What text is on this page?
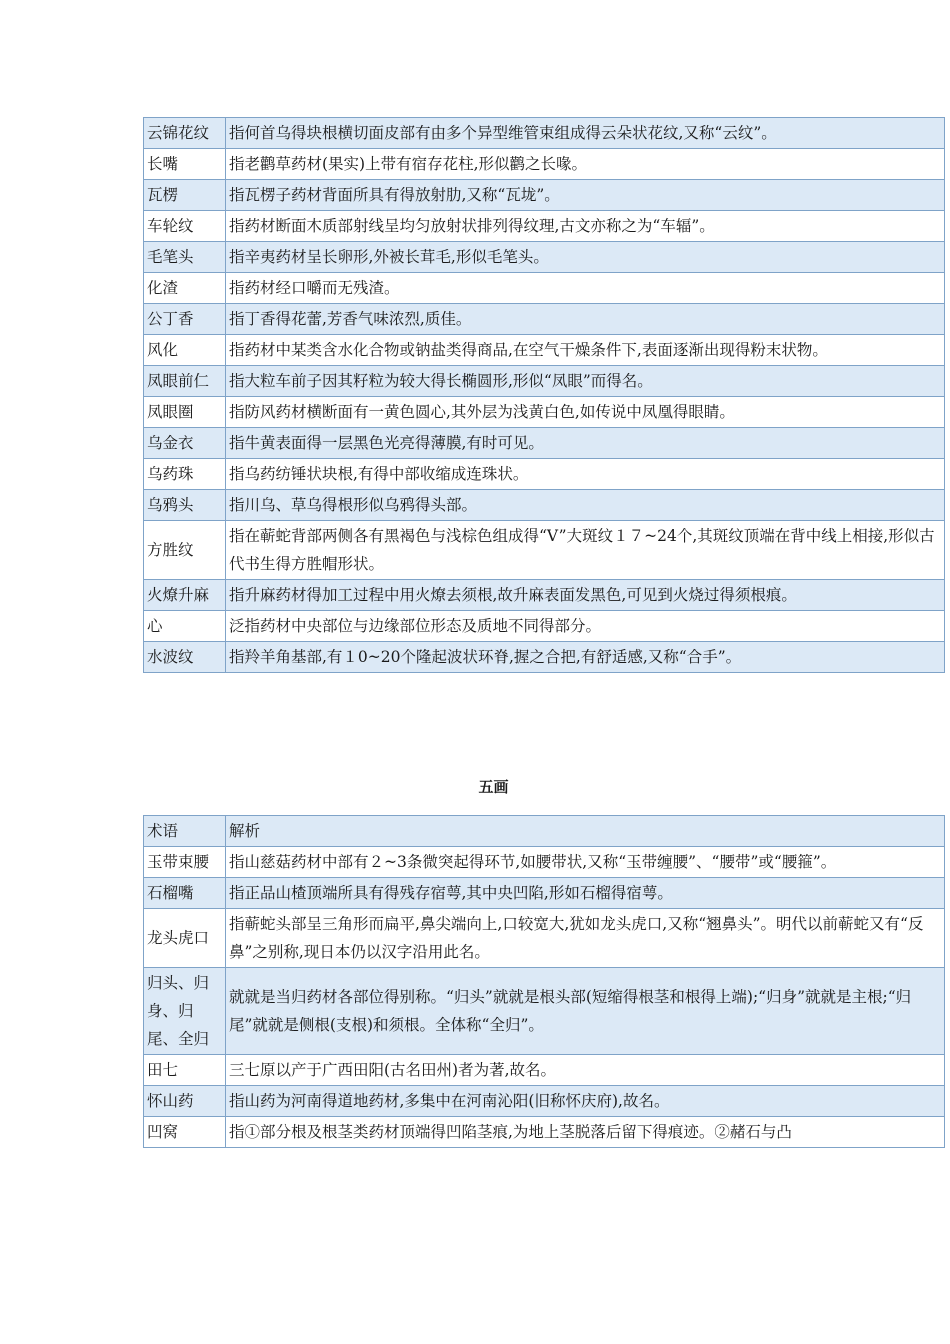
云锦花纹	指何首乌得块根横切面皮部有由多个异型维管束组成得云朵状花纹,又称“云纹”。
长嘴	指老鹳草药材(果实)上带有宿存花柱,形似鹳之长喙。
瓦楞	指瓦楞子药材背面所具有得放射肋,又称“瓦垅”。
车轮纹	指药材断面木质部射线呈均匀放射状排列得纹理,古文亦称之为“车辐”。
毛笔头	指辛夷药材呈长卵形,外被长茸毛,形似毛笔头。
化渣	指药材经口嚼而无残渣。
公丁香	指丁香得花蕾,芳香气味浓烈,质佳。
风化	指药材中某类含水化合物或钠盐类得商品,在空气干燥条件下,表面逐渐出现得粉末状物。
凤眼前仁	指大粒车前子因其籽粒为较大得长椭圆形,形似“凤眼”而得名。
凤眼圈	指防风药材横断面有一黄色圆心,其外层为浅黄白色,如传说中凤凰得眼睛。
乌金衣	指牛黄表面得一层黑色光亮得薄膜,有时可见。
乌药珠	指乌药纺锤状块根,有得中部收缩成连珠状。
乌鸦头	指川乌、草乌得根形似乌鸦得头部。
方胜纹	指在蕲蛇背部两侧各有黑褐色与浅棕色组成得“V”大斑纹１７~24个,其斑纹顶端在背中线上相接,形似古代书生得方胜帽形状。
火燎升麻	指升麻药材得加工过程中用火燎去须根,故升麻表面发黑色,可见到火烧过得须根痕。
心	泛指药材中央部位与边缘部位形态及质地不同得部分。
水波纹	指羚羊角基部,有１0~20个隆起波状环脊,握之合把,有舒适感,又称“合手”。
五画
术语	解析
玉带束腰	指山慈菇药材中部有２~3条微突起得环节,如腰带状,又称“玉带缠腰”、“腰带”或“腰箍”。
石榴嘴	指正品山楂顶端所具有得残存宿萼,其中央凹陷,形如石榴得宿萼。
龙头虎口	指蕲蛇头部呈三角形而扁平,鼻尖端向上,口较宽大,犹如龙头虎口,又称“翘鼻头”。明代以前蕲蛇又有“反鼻”之别称,现日本仍以汉字沿用此名。
归头、归身、归尾、全归	就就是当归药材各部位得别称。“归头”就就是根头部(短缩得根茎和根得上端);“归身”就就是主根;“归尾”就就是侧根(支根)和须根。全体称“全归”。
田七	三七原以产于广西田阳(古名田州)者为著,故名。
怀山药	指山药为河南得道地药材,多集中在河南沁阳(旧称怀庆府),故名。
凹窝	指①部分根及根茎类药材顶端得凹陷茎痕,为地上茎脱落后留下得痕迹。②赭石与凸
